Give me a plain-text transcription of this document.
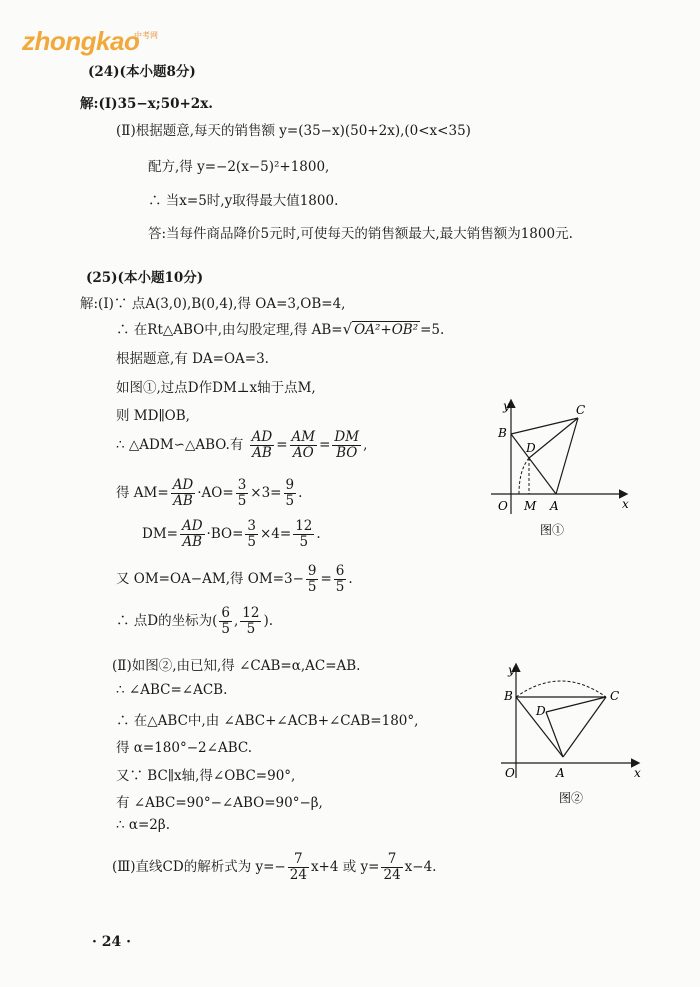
zhongkao
中考网
(24)(本小题8分)
解:(Ⅰ)35−x;50+2x.
(Ⅱ)根据题意,每天的销售额 y=(35−x)(50+2x),(0<x<35)
配方,得 y=−2(x−5)²+1800,
∴ 当x=5时,y取得最大值1800.
答:当每件商品降价5元时,可使每天的销售额最大,最大销售额为1800元.
(25)(本小题10分)
解:(Ⅰ)∵ 点A(3,0),B(0,4),得 OA=3,OB=4,
∴ 在Rt△ABO中,由勾股定理,得 AB=√ OA²+OB² =5.
根据题意,有 DA=OA=3.
如图①,过点D作DM⊥x轴于点M,
则 MD∥OB,
∴ △ADM∽△ABO.有 $\frac{AD}{AB} = \frac{AM}{AO} = \frac{DM}{BO}$ ,
得 $AM= \frac{AD}{AB} \cdot AO= \frac{3}{5} \times 3= \frac{9}{5}$ .
$DM= \frac{AD}{AB} \cdot BO= \frac{3}{5} \times 4= \frac{12}{5}$ .
又 OM=OA−AM,得 $OM=3- \frac{9}{5} = \frac{6}{5}$ .
∴ 点D的坐标为( $\frac{6}{5}$ , $\frac{12}{5}$ ).
(Ⅱ)如图②,由已知,得 ∠CAB=α,AC=AB.
∴ ∠ABC=∠ACB.
∴ 在△ABC中,由 ∠ABC+∠ACB+∠CAB=180°,
得 α=180°−2∠ABC.
又∵ BC∥x轴,得∠OBC=90°,
有 ∠ABC=90°−∠ABO=90°−β,
∴ α=2β.
(Ⅲ)直线CD的解析式为 $y=- \frac{7}{24} x+4$ 或 $y= \frac{7}{24} x-4$.
y
x
B
C
D
O M A
图①
y
x
B	C
D
O	A
图②
· 24 ·
